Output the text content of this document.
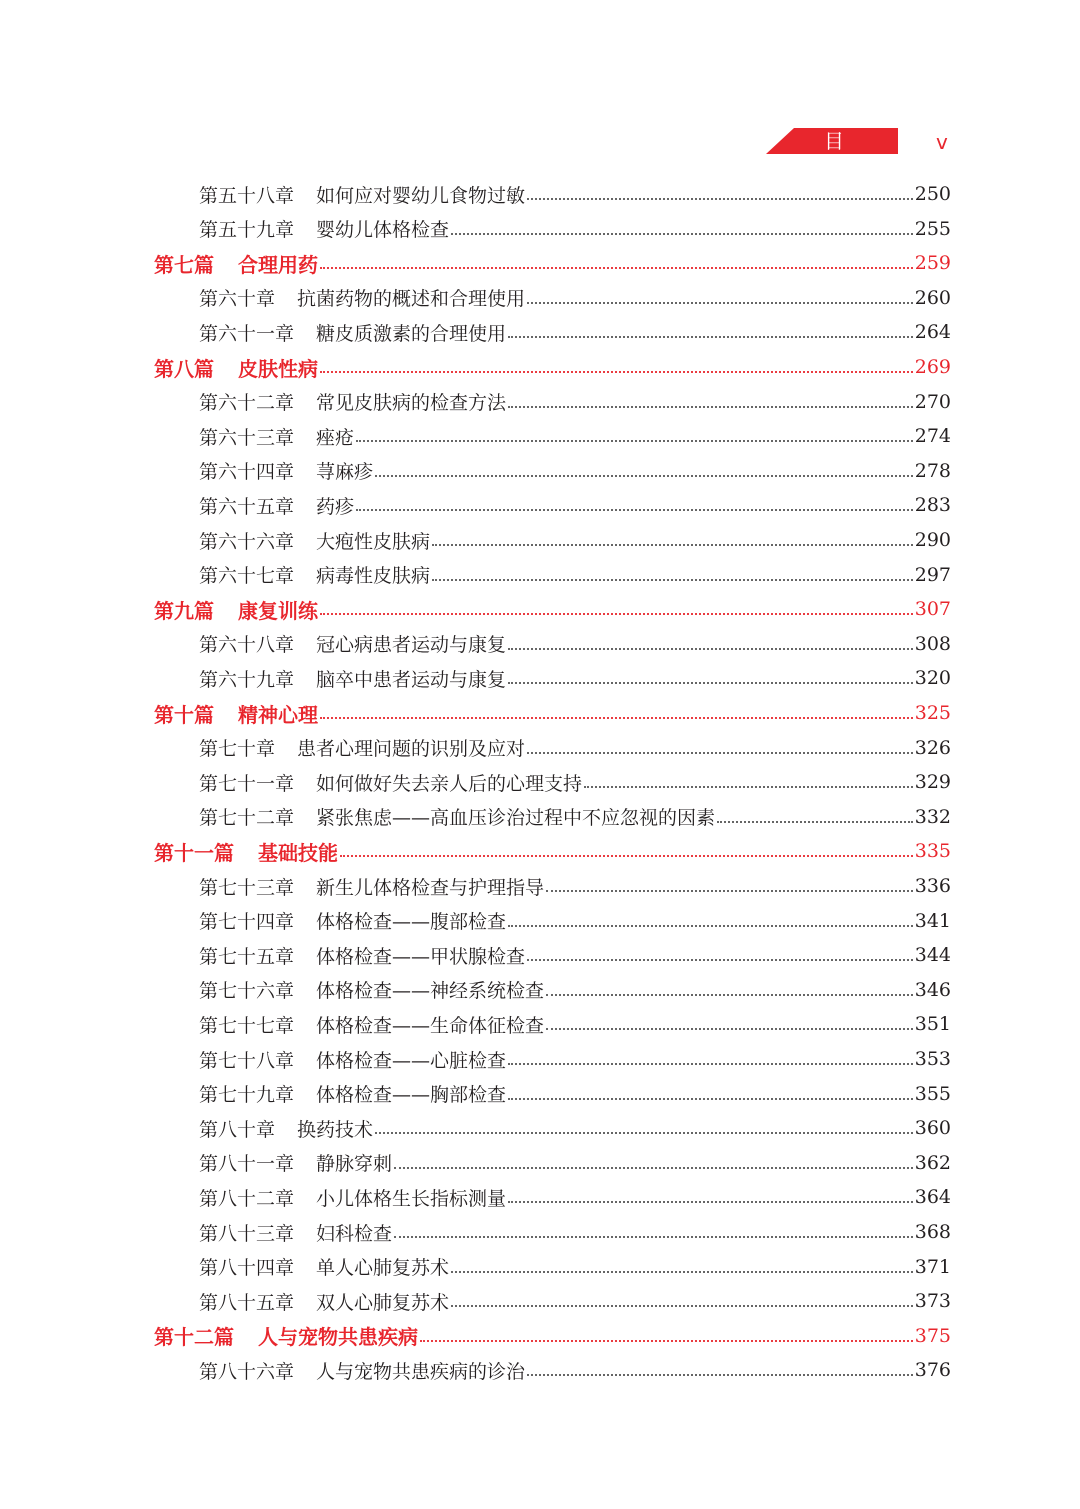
目 录
v
第五十八章 如何应对婴幼儿食物过敏	250
第五十九章 婴幼儿体格检查	255
第七篇 合理用药	259
第六十章 抗菌药物的概述和合理使用	260
第六十一章 糖皮质激素的合理使用	264
第八篇 皮肤性病	269
第六十二章 常见皮肤病的检查方法	270
第六十三章 痤疮	274
第六十四章 荨麻疹	278
第六十五章 药疹	283
第六十六章 大疱性皮肤病	290
第六十七章 病毒性皮肤病	297
第九篇 康复训练	307
第六十八章 冠心病患者运动与康复	308
第六十九章 脑卒中患者运动与康复	320
第十篇 精神心理	325
第七十章 患者心理问题的识别及应对	326
第七十一章 如何做好失去亲人后的心理支持	329
第七十二章 紧张焦虑——高血压诊治过程中不应忽视的因素	332
第十一篇 基础技能	335
第七十三章 新生儿体格检查与护理指导	336
第七十四章 体格检查——腹部检查	341
第七十五章 体格检查——甲状腺检查	344
第七十六章 体格检查——神经系统检查	346
第七十七章 体格检查——生命体征检查	351
第七十八章 体格检查——心脏检查	353
第七十九章 体格检查——胸部检查	355
第八十章 换药技术	360
第八十一章 静脉穿刺	362
第八十二章 小儿体格生长指标测量	364
第八十三章 妇科检查	368
第八十四章 单人心肺复苏术	371
第八十五章 双人心肺复苏术	373
第十二篇 人与宠物共患疾病	375
第八十六章 人与宠物共患疾病的诊治	376
